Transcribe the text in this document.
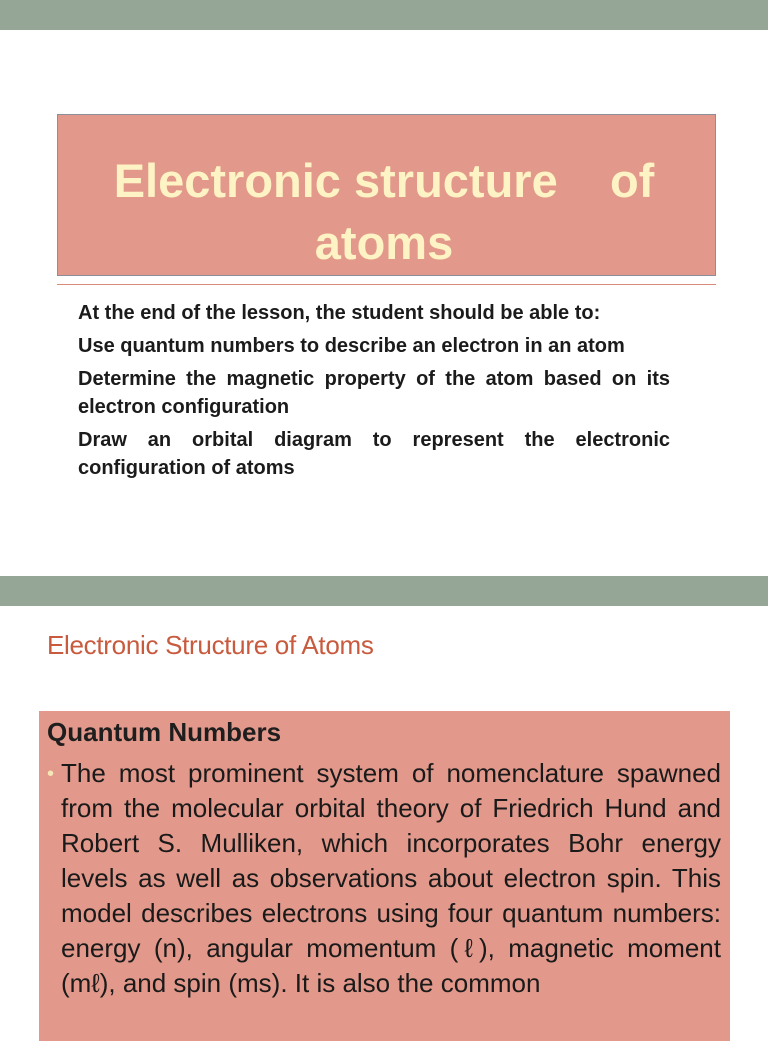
Electronic structure    of
atoms

At the end of the lesson, the student should be able to:

Use quantum numbers to describe an electron in an atom

Determine the magnetic property of the atom based on its electron configuration

Draw an orbital diagram to represent the electronic configuration of atoms

Electronic Structure of Atoms
Quantum Numbers
• The most prominent system of nomenclature spawned from the molecular orbital theory of Friedrich Hund and Robert S. Mulliken, which incorporates Bohr energy levels as well as observations about electron spin. This model describes electrons using four quantum numbers: energy (n), angular momentum (ℓ), magnetic moment (mℓ), and spin (ms). It is also the common
